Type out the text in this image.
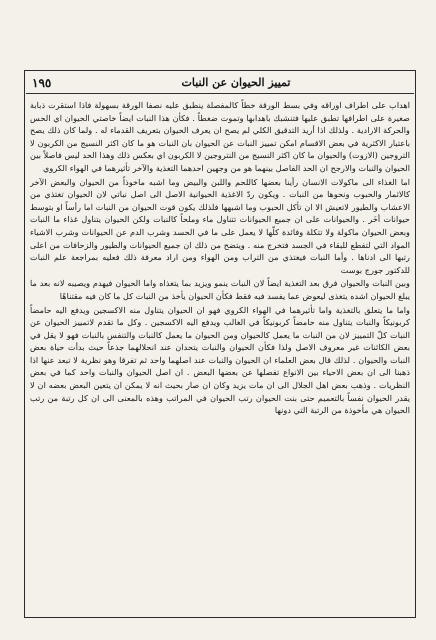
١٩٥	تمييز الحيوان عن النبات

اهداب على اطراف اوراقه وفي بسط الورقة خطاً كالمفصلة ينطبق عليه نصفا الورقة بسهولة فاذا استقرت ذبابة صغيرة على اطرافها تطبق عليها فتنشبك باهدابها وتموت ضغطاً . فكأن هذا النبات ايضاً خاصتي الحيوان اي الحس والحركة الارادية . ولذلك اذا أريد التدقيق الكلي لم يصح ان يعرف الحيوان بتعريف القدماء له . ولما كان ذلك يصح باعتبار الاكثرية في بعض الاقسام امكن تمييز النبات عن الحيوان بان النبات هو ما كان اكثر النسيج من الكربون لا التروجين (الازوت) والحيوان ما كان اكثر النسيج من النتروجين لا الكربون اي بعكس ذلك وهذا الحد ليس فاصلاً بين الحيوان والنبات والارجح ان الحد الفاصل بينهما هو من وجهين احدهما التغذية والآخر تأثيرهما في الهواء الكروي

اما الغذاء الى ماكولات الانسان رأينا بعضها كاللحم واللبن والبيض وما اشبه ماخوذاً من الحيوان والبعض الآخر كالاثمار والحبوب ونحوها من النبات . ويكون ردّ الاغذية الحيوانية الاصل الى اصل نباتي لان الحيوان تغتذي من الاعشاب والطيور لاتعيش الا ان تأكل الحبوب وما اشبهها فلذلك يكون قوت الحيوان من النبات اما رأساً او بتوسط حيوانات أخَر . والحيوانات على ان جميع الحيوانات تتناول ماء وملحاً كالنبات ولكن الحيوان يتناول غذاء ما النبات وبعض الحيوان ماكولة ولا تتكلة وفائدة كلّها لا يعمل على ما في الحسد وشرب الدم عن الحيوانات وشرب الاشياء المواد التي لتفطع للبقاء في الجسد فتخرج منه . ويتضح من ذلك ان جميع الحيوانات والطيور والزحافات من اعلى رتبها الى ادناها . وأما النبات فيغتذي من التراب ومن الهواء ومن اراد معرفة ذلك فعليه بمراجعة علم النبات للدكتور جورج بوست

وبين النبات والحيوان فرق بعد التغذية ايضاً لان النبات ينمو ويزيد بما يتغذاه واما الحيوان فيهدم ويصيبه لانه بعد ما يبلغ الحيوان اشده يتغذى ليعوض عما يفسد فيه فقط فكأن الحيوان يأخذ من النبات كل ما كان فيه مقتناهًا

واما ما يتعلق بالتغذية واما تأثيرهما في الهواء الكروي فهو ان الحيوان يتناول منه الاكسجين ويدفع اليه حامضاً كربونيكاً والنبات يتناول منه حامضاً كربونيكاً في الغالب ويدفع اليه الاكسجين . وكل ما تقدم لاتمييز الحيوان عن النبات كلّ التمييز لان من النبات ما يعمل كالحيوان ومن الحيوان ما يعمل كالنبات والتنفس بالنبات فهو لا يقل في بعض الكائنات غير معروف الاصل ولذا فكأن الحيوان والنبات يتحدان عند انحلالهما جذعاً حيث بدأت حياة بعض النبات والحيوان . لذلك قال بعض العلماء ان الحيوان والنبات عند اصلهما واحد ثم تفرقا وهو نظرية لا تبعد عنها اذا ذهبنا الى ان بعض الاحياء بين الانواع تفصلها عن بعضها البعض . ان اصل الحيوان والنبات واحد كما في بعض النظريات . وذهب بعض اهل الجلال الى ان مات يزيد وكان ان صار بحيث انه لا يمكن ان يتعين البعض بعضه ان لا يقدر الحيوان نفساً بالتعميم حتى بنت الحيوان رتب الحيوان في المراتب وهذه بالمعنى الى ان كل رتبة من رتب الحيوان هي مأخوذة من الرتبة التي دونها
